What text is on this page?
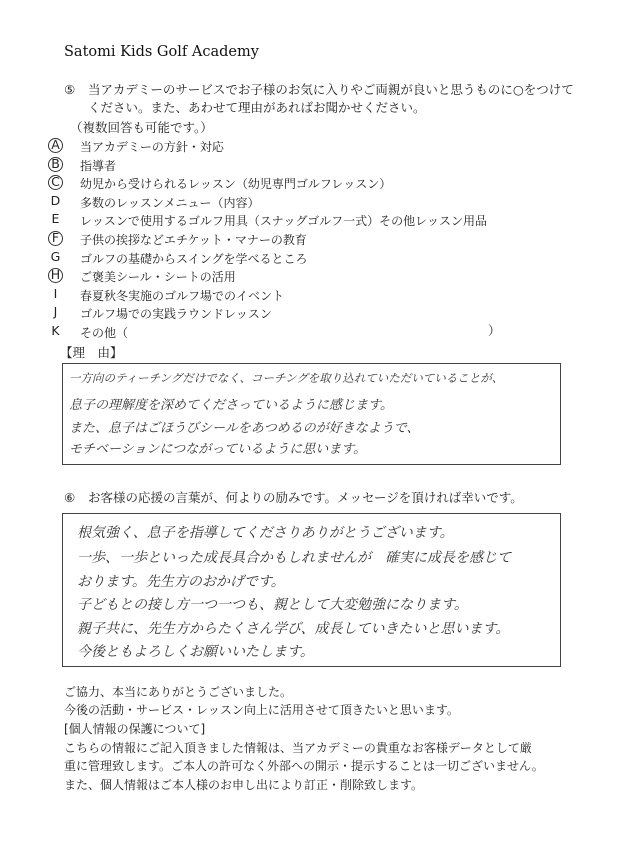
Satomi Kids Golf Academy
⑤ 当アカデミーのサービスでお子様のお気に入りやご両親が良いと思うものに○をつけて
ください。また、あわせて理由があればお聞かせください。
（複数回答も可能です。）
A 当アカデミーの方針・対応
B 指導者
C 幼児から受けられるレッスン（幼児専門ゴルフレッスン）
D 多数のレッスンメニュー（内容）
E レッスンで使用するゴルフ用具（スナッグゴルフ一式）その他レッスン用品
F	子供の挨拶などエチケット・マナーの教育
G ゴルフの基礎からスイングを学べるところ
H ご褒美シール・シートの活用
I	春夏秋冬実施のゴルフ場でのイベント
J	ゴルフ場での実践ラウンドレッスン
K その他（	）
【理　由】
一方向のティーチングだけでなく、コーチングを取り込れていただいていることが、
息子の理解度を深めてくださっているように感じます。
また、息子はごほうびシールをあつめるのが好きなようで、
モチベーションにつながっているように思います。
⑥ お客様の応援の言葉が、何よりの励みです。メッセージを頂ければ幸いです。
根気強く、息子を指導してくださりありがとうございます。
一歩、一歩といった成長具合かもしれませんが　確実に成長を感じて
おります。先生方のおかげです。
子どもとの接し方一つ一つも、親として大変勉強になります。
親子共に、先生方からたくさん学び、成長していきたいと思います。
今後ともよろしくお願いいたします。
ご協力、本当にありがとうございました。
今後の活動・サービス・レッスン向上に活用させて頂きたいと思います。
[個人情報の保護について]
こちらの情報にご記入頂きました情報は、当アカデミーの貴重なお客様データとして厳
重に管理致します。ご本人の許可なく外部への開示・提示することは一切ございません。
また、個人情報はご本人様のお申し出により訂正・削除致します。
